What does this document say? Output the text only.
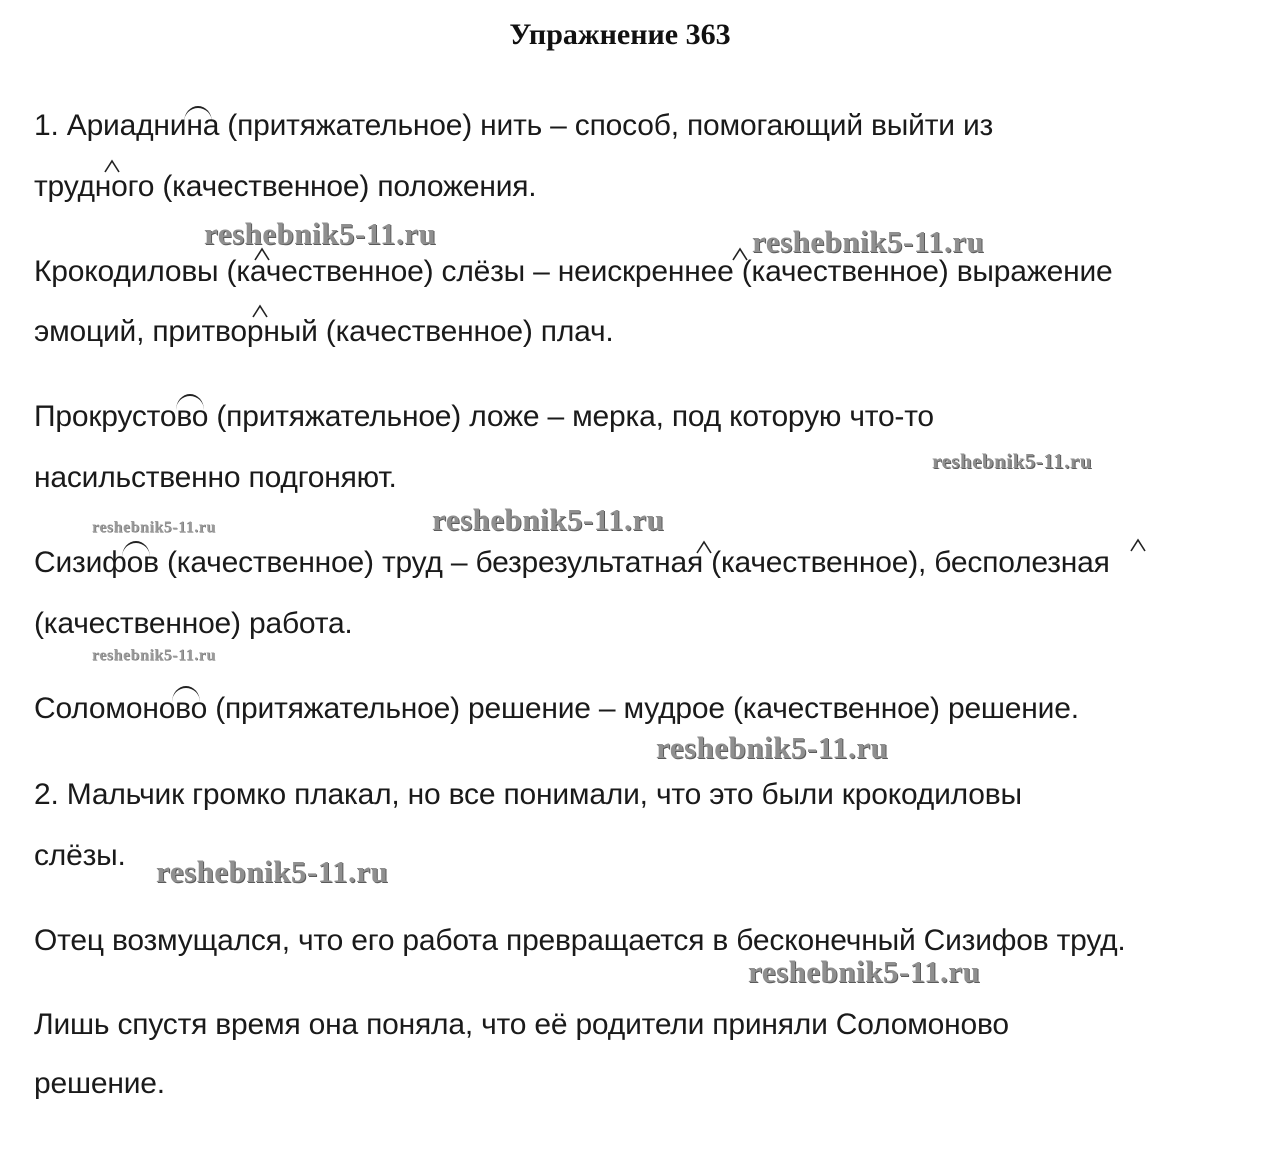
Упражнение 363
1. Ариаднина (притяжательное) нить – способ, помогающий выйти из
трудного (качественное) положения.
Крокодиловы (качественное) слёзы – неискреннее (качественное) выражение
эмоций, притворный (качественное) плач.
Прокрустово (притяжательное) ложе – мерка, под которую что-то
насильственно подгоняют.
Сизифов (качественное) труд – безрезультатная (качественное), бесполезная
(качественное) работа.
Соломоново (притяжательное) решение – мудрое (качественное) решение.
2. Мальчик громко плакал, но все понимали, что это были крокодиловы
слёзы.
Отец возмущался, что его работа превращается в бесконечный Сизифов труд.
Лишь спустя время она поняла, что её родители приняли Соломоново
решение.
reshebnik5-11.ru	reshebnik5-11.ru
reshebnik5-11.ru
reshebnik5-11.ru	reshebnik5-11.ru
reshebnik5-11.ru
reshebnik5-11.ru
reshebnik5-11.ru
reshebnik5-11.ru
